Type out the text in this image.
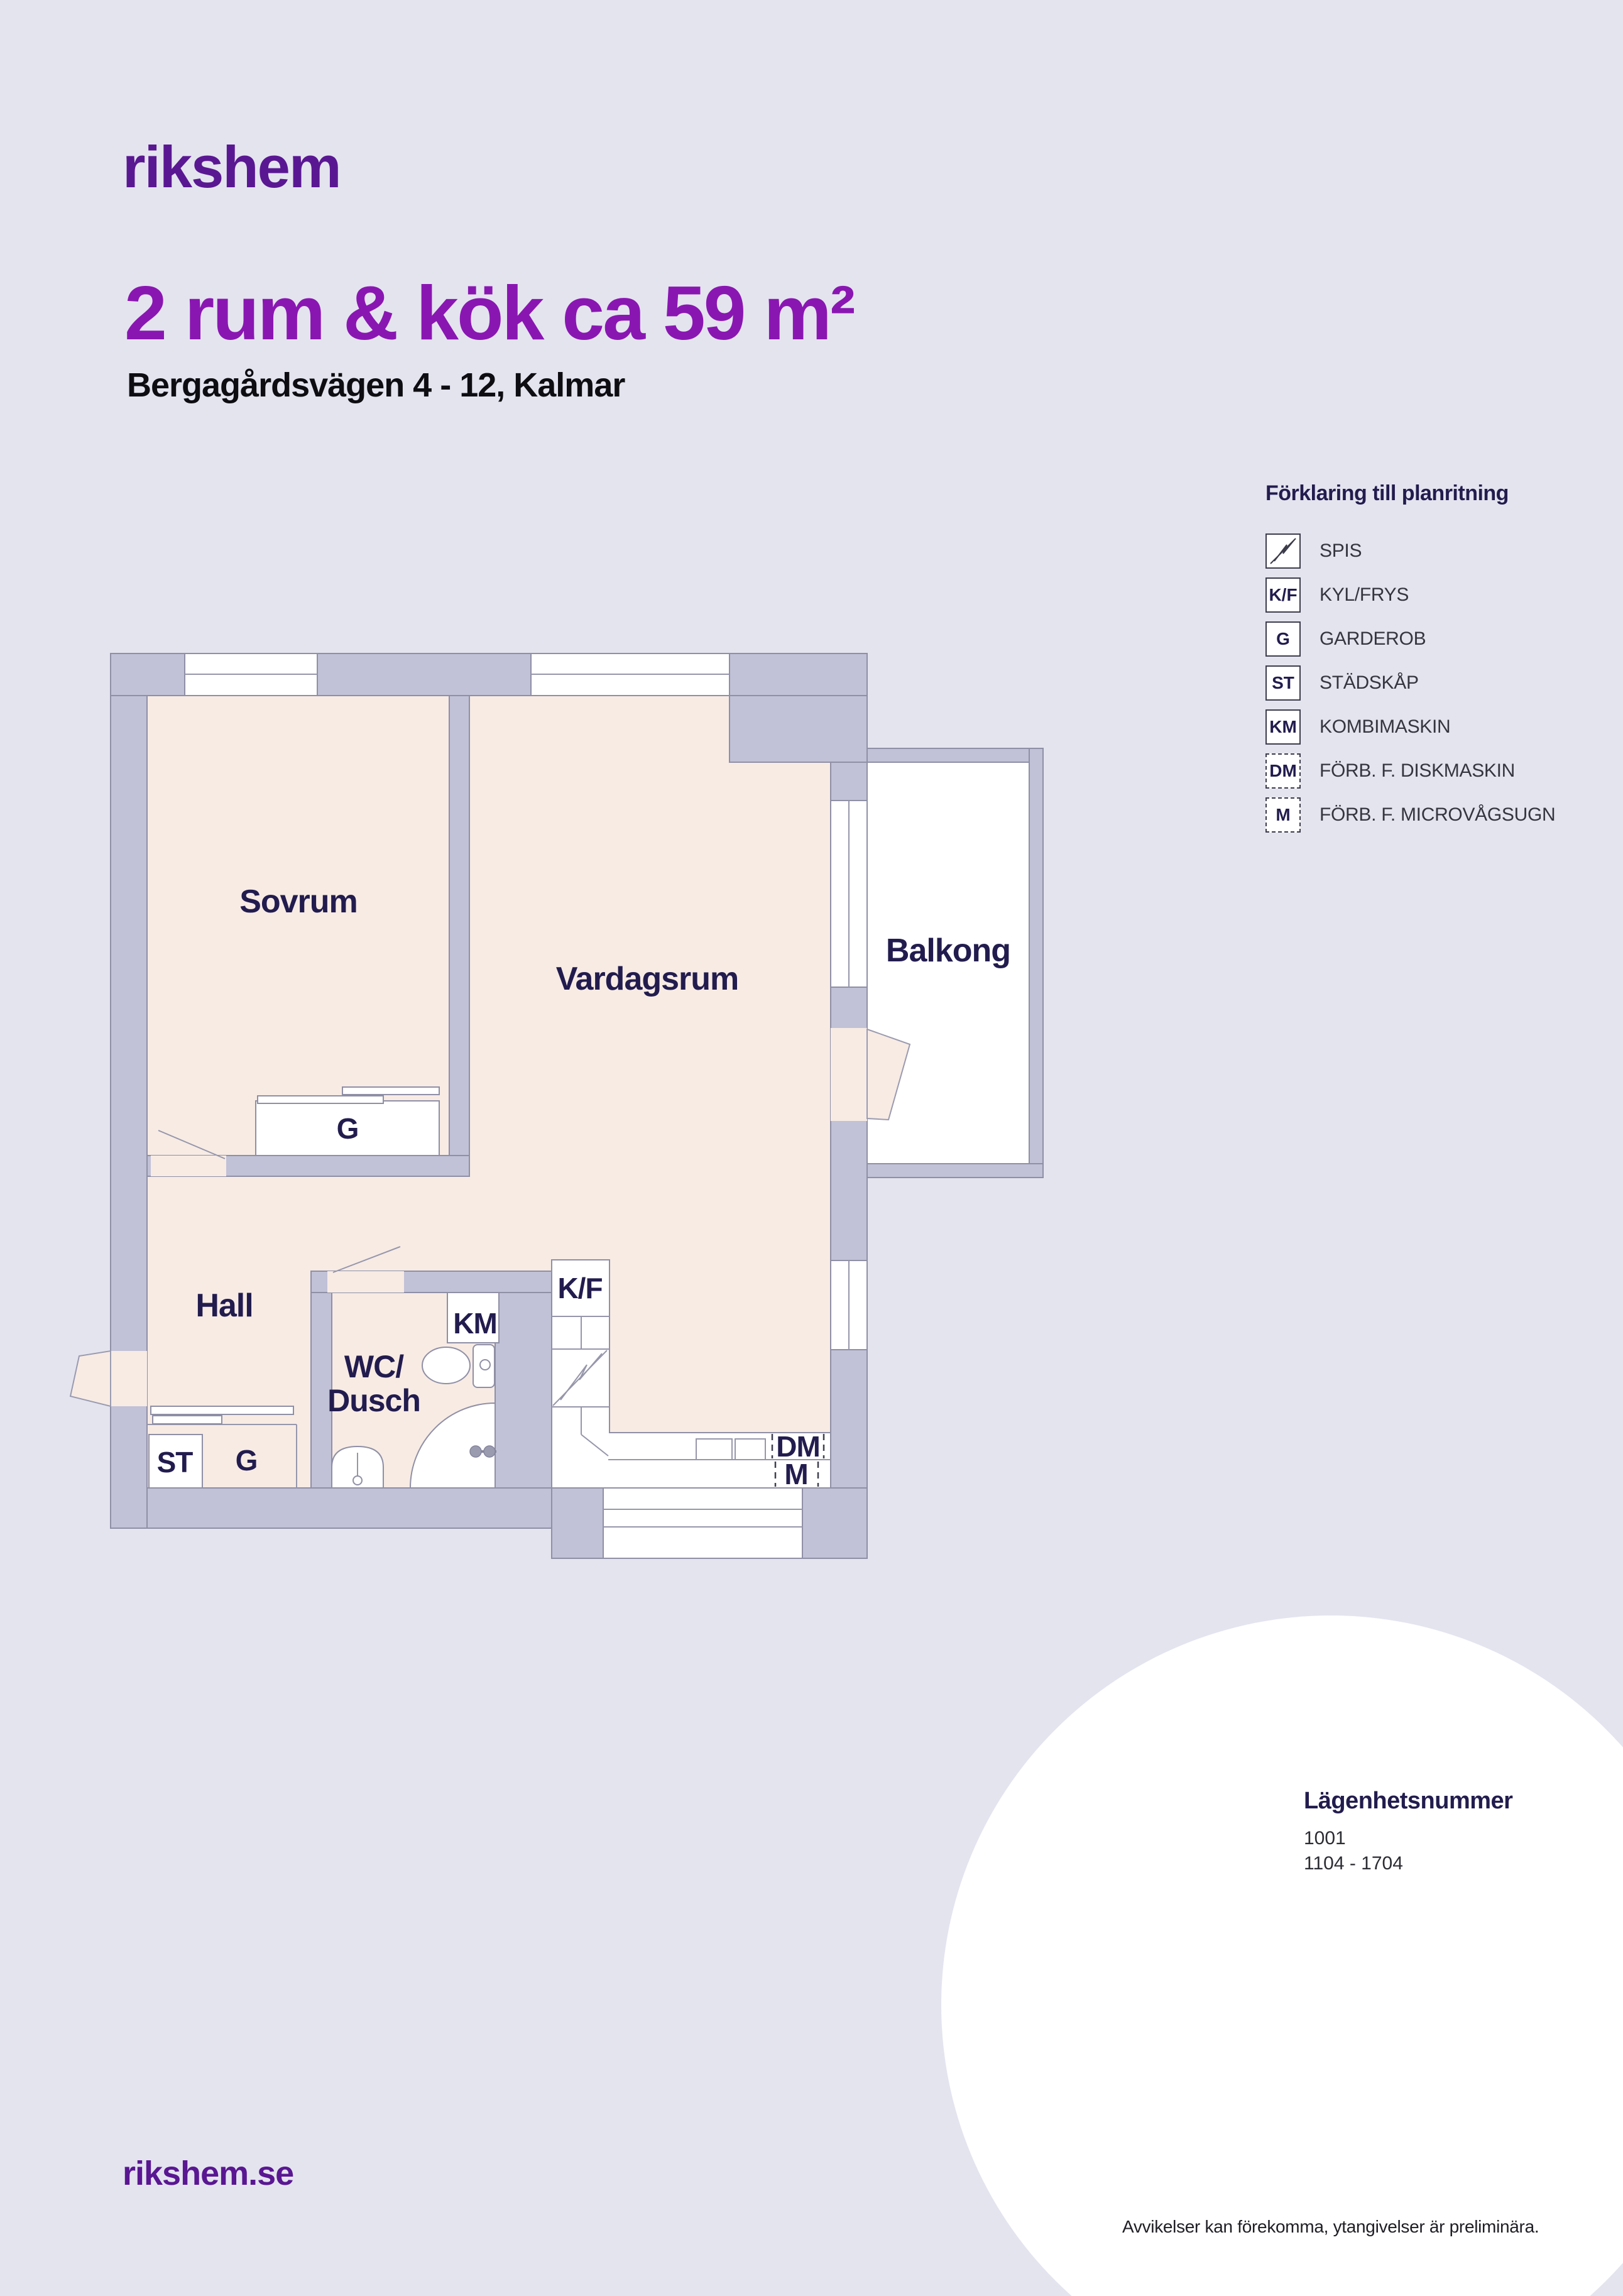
rikshem
2 rum & kök ca 59 m²
Bergagårdsvägen 4 - 12, Kalmar
Förklaring till planritning
SPIS
K/F KYL/FRYS
G	GARDEROB
ST	STÄDSKÅP
KM KOMBIMASKIN
DM FÖRB. F. DISKMASKIN
M	FÖRB. F. MICROVÅGSUGN
Sovrum
Vardagsrum
Balkong
Hall
WC/
Dusch
G
KM
K/F
ST G	DM
M
Lägenhetsnummer
1001
1104 - 1704
rikshem.se
Avvikelser kan förekomma, ytangivelser är preliminära.
